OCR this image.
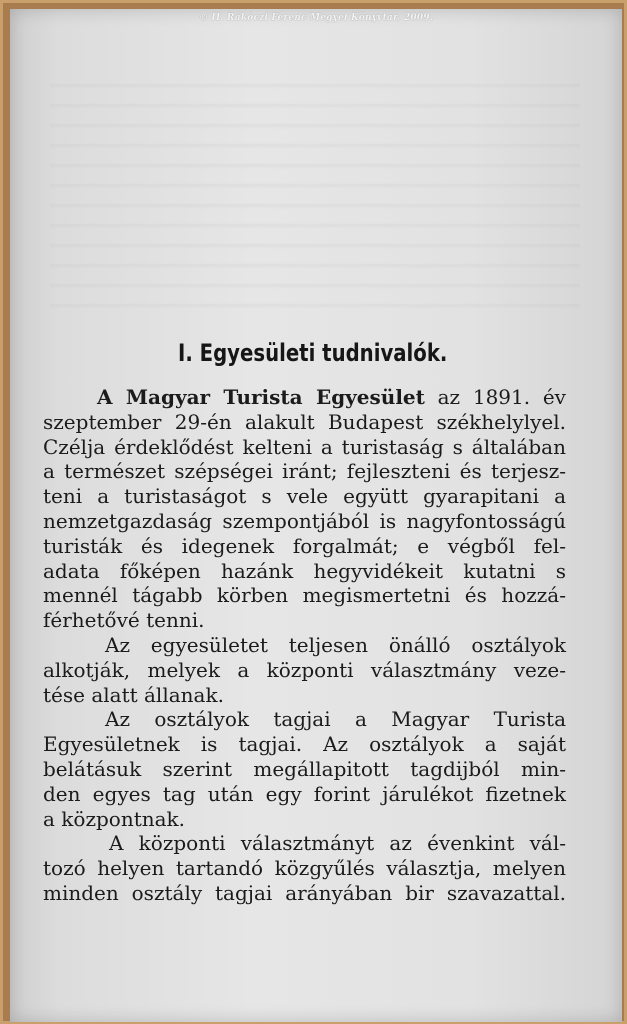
© II. Rákóczi Ferenc Megyei Könyvtár, 2009.
I. Egyesületi tudnivalók.
A Magyar Turista Egyesület az 1891. év
szeptember 29-én alakult Budapest székhelylyel.
Czélja érdeklődést kelteni a turistaság s általában
a természet szépségei iránt; fejleszteni és terjesz-
teni a turistaságot s vele együtt gyarapitani a
nemzetgazdaság szempontjából is nagyfontosságú
turisták és idegenek forgalmát; e végből fel-
adata főképen hazánk hegyvidékeit kutatni s
mennél tágabb körben megismertetni és hozzá-
férhetővé tenni.
Az egyesületet teljesen önálló osztályok
alkotják, melyek a központi választmány veze-
tése alatt állanak.
Az osztályok tagjai a Magyar Turista
Egyesületnek is tagjai. Az osztályok a saját
belátásuk szerint megállapitott tagdijból min-
den egyes tag után egy forint járulékot fizetnek
a központnak.
A központi választmányt az évenkint vál-
tozó helyen tartandó közgyűlés választja, melyen
minden osztály tagjai arányában bir szavazattal.
